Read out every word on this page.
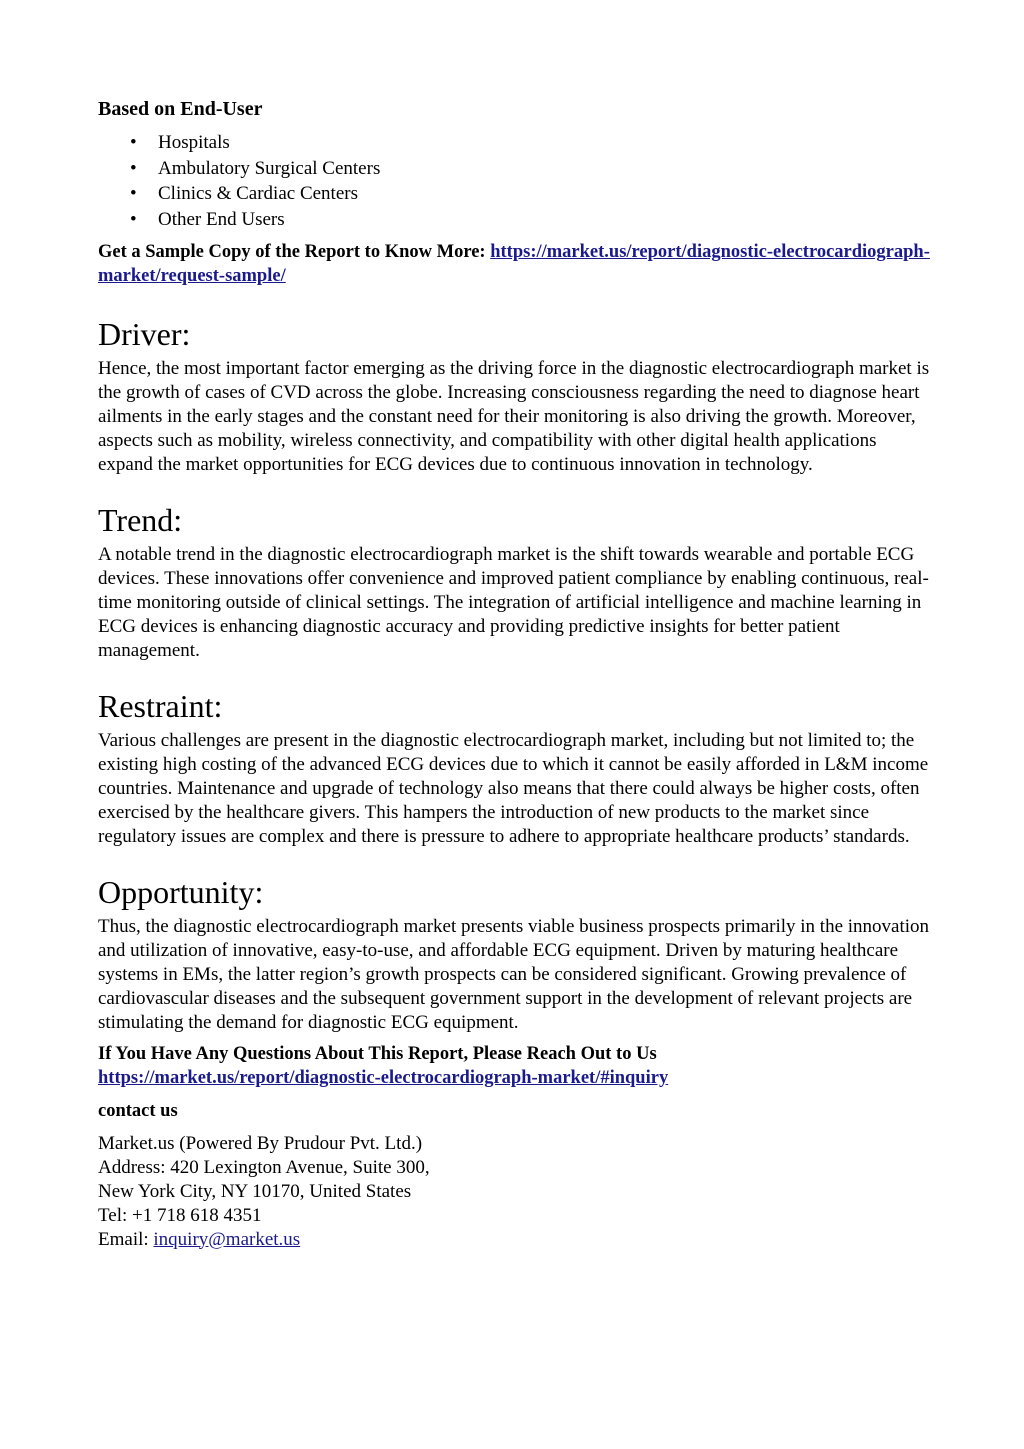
Based on End-User
• Hospitals
• Ambulatory Surgical Centers
• Clinics & Cardiac Centers
• Other End Users
Get a Sample Copy of the Report to Know More: https://market.us/report/diagnostic-electrocardiograph-market/request-sample/
Driver:

Hence, the most important factor emerging as the driving force in the diagnostic electrocardiograph market is the growth of cases of CVD across the globe. Increasing consciousness regarding the need to diagnose heart ailments in the early stages and the constant need for their monitoring is also driving the growth. Moreover, aspects such as mobility, wireless connectivity, and compatibility with other digital health applications expand the market opportunities for ECG devices due to continuous innovation in technology.

Trend:

A notable trend in the diagnostic electrocardiograph market is the shift towards wearable and portable ECG devices. These innovations offer convenience and improved patient compliance by enabling continuous, real-time monitoring outside of clinical settings. The integration of artificial intelligence and machine learning in ECG devices is enhancing diagnostic accuracy and providing predictive insights for better patient management.

Restraint:

Various challenges are present in the diagnostic electrocardiograph market, including but not limited to; the existing high costing of the advanced ECG devices due to which it cannot be easily afforded in L&M income countries. Maintenance and upgrade of technology also means that there could always be higher costs, often exercised by the healthcare givers. This hampers the introduction of new products to the market since regulatory issues are complex and there is pressure to adhere to appropriate healthcare products’ standards.

Opportunity:

Thus, the diagnostic electrocardiograph market presents viable business prospects primarily in the innovation and utilization of innovative, easy-to-use, and affordable ECG equipment. Driven by maturing healthcare systems in EMs, the latter region’s growth prospects can be considered significant. Growing prevalence of cardiovascular diseases and the subsequent government support in the development of relevant projects are stimulating the demand for diagnostic ECG equipment.

If You Have Any Questions About This Report, Please Reach Out to Us
https://market.us/report/diagnostic-electrocardiograph-market/#inquiry
contact us
Market.us (Powered By Prudour Pvt. Ltd.)
Address: 420 Lexington Avenue, Suite 300,
New York City, NY 10170, United States
Tel: +1 718 618 4351
Email: inquiry@market.us
